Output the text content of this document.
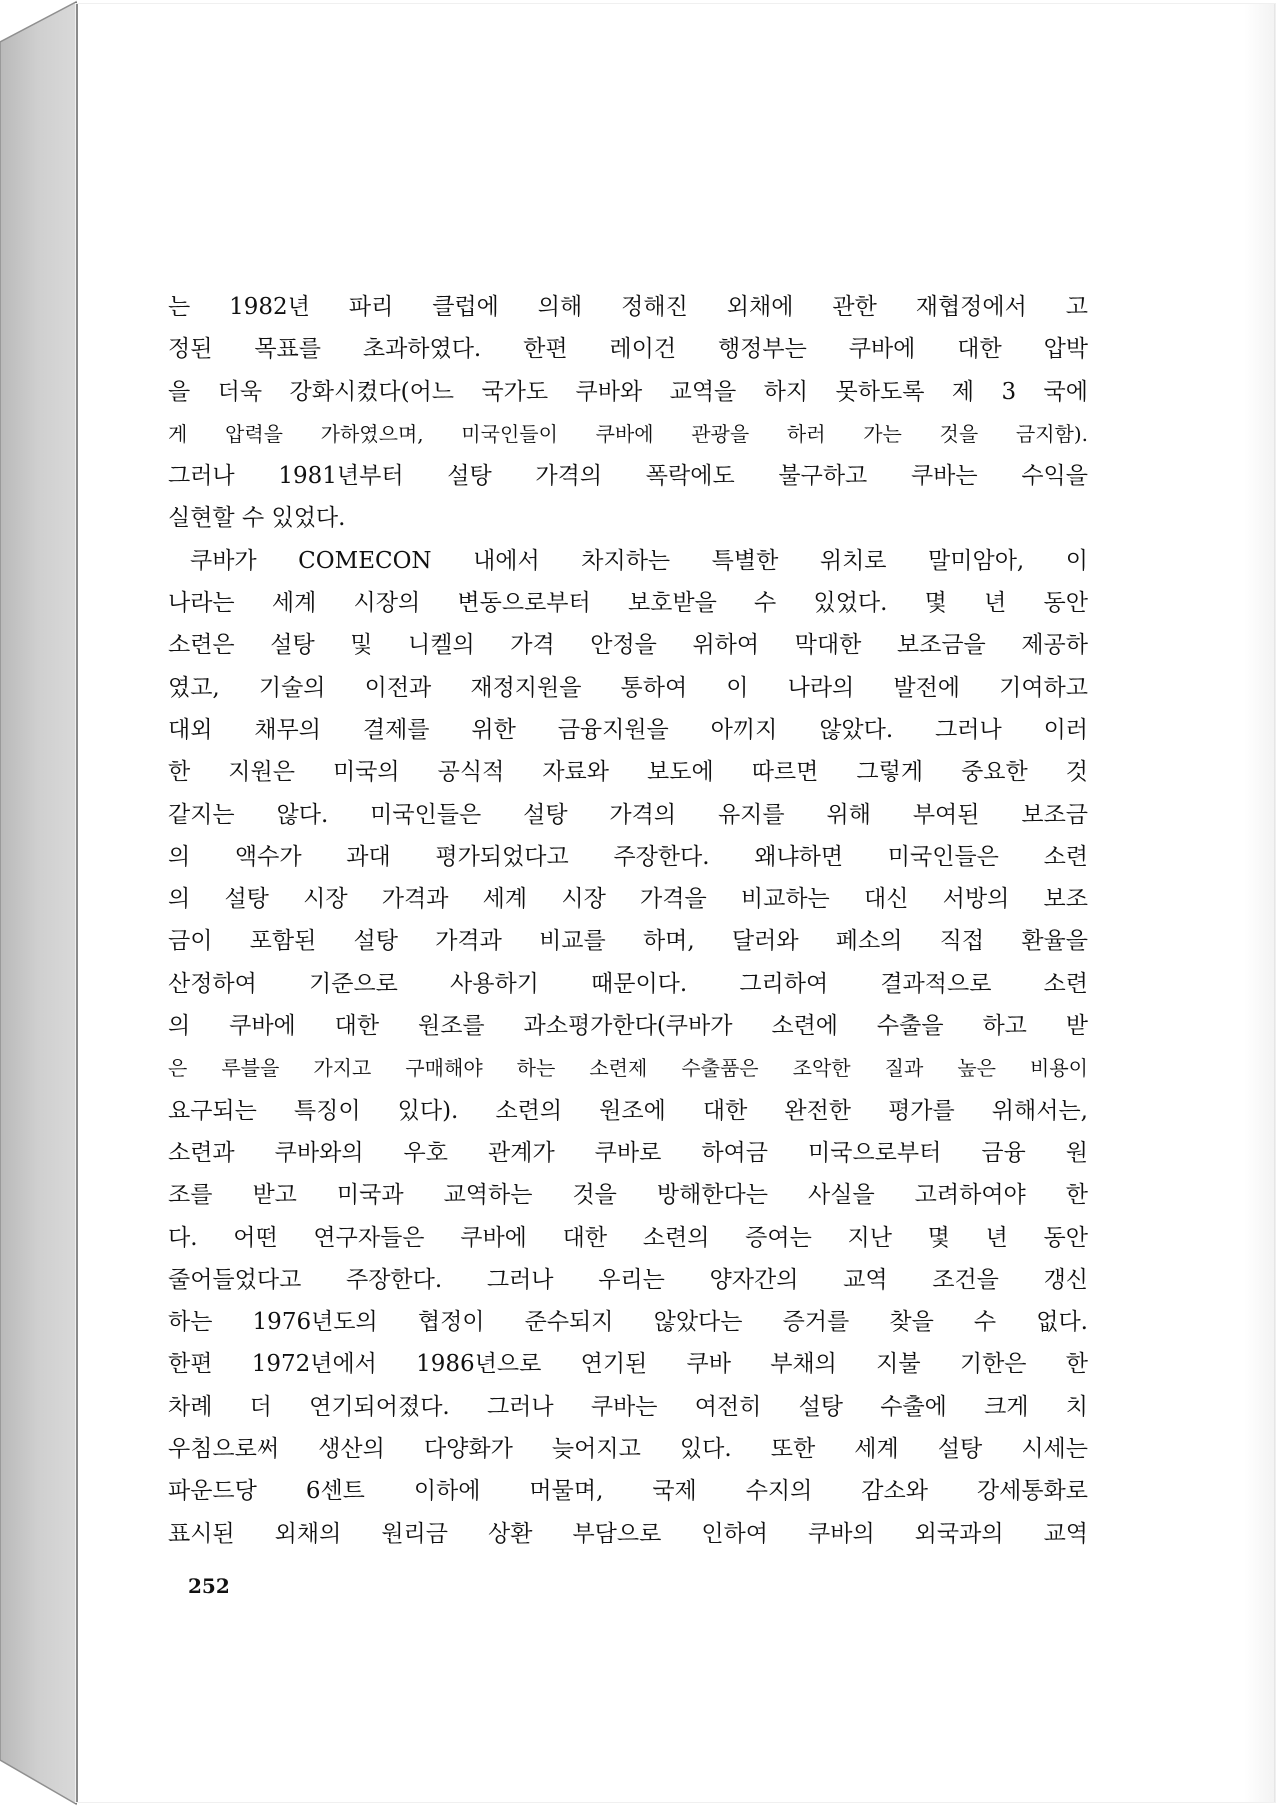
는 1982년 파리 클럽에 의해 정해진 외채에 관한 재협정에서 고
정된 목표를 초과하였다. 한편 레이건 행정부는 쿠바에 대한 압박
을 더욱 강화시켰다(어느 국가도 쿠바와 교역을 하지 못하도록 제 3 국에
게 압력을 가하였으며, 미국인들이 쿠바에 관광을 하러 가는 것을 금지함).
그러나 1981년부터 설탕 가격의 폭락에도 불구하고 쿠바는 수익을
실현할 수 있었다.
쿠바가 COMECON 내에서 차지하는 특별한 위치로 말미암아, 이
나라는 세계 시장의 변동으로부터 보호받을 수 있었다. 몇 년 동안
소련은 설탕 및 니켈의 가격 안정을 위하여 막대한 보조금을 제공하
였고, 기술의 이전과 재정지원을 통하여 이 나라의 발전에 기여하고
대외 채무의 결제를 위한 금융지원을 아끼지 않았다. 그러나 이러
한 지원은 미국의 공식적 자료와 보도에 따르면 그렇게 중요한 것
같지는 않다. 미국인들은 설탕 가격의 유지를 위해 부여된 보조금
의 액수가 과대 평가되었다고 주장한다. 왜냐하면 미국인들은 소련
의 설탕 시장 가격과 세계 시장 가격을 비교하는 대신 서방의 보조
금이 포함된 설탕 가격과 비교를 하며, 달러와 페소의 직접 환율을
산정하여 기준으로 사용하기 때문이다. 그리하여 결과적으로 소련
의 쿠바에 대한 원조를 과소평가한다(쿠바가 소련에 수출을 하고 받
은 루블을 가지고 구매해야 하는 소련제 수출품은 조악한 질과 높은 비용이
요구되는 특징이 있다). 소련의 원조에 대한 완전한 평가를 위해서는,
소련과 쿠바와의 우호 관계가 쿠바로 하여금 미국으로부터 금융 원
조를 받고 미국과 교역하는 것을 방해한다는 사실을 고려하여야 한
다. 어떤 연구자들은 쿠바에 대한 소련의 증여는 지난 몇 년 동안
줄어들었다고 주장한다. 그러나 우리는 양자간의 교역 조건을 갱신
하는 1976년도의 협정이 준수되지 않았다는 증거를 찾을 수 없다.
한편 1972년에서 1986년으로 연기된 쿠바 부채의 지불 기한은 한
차례 더 연기되어졌다. 그러나 쿠바는 여전히 설탕 수출에 크게 치
우침으로써 생산의 다양화가 늦어지고 있다. 또한 세계 설탕 시세는
파운드당 6센트 이하에 머물며, 국제 수지의 감소와 강세통화로
표시된 외채의 원리금 상환 부담으로 인하여 쿠바의 외국과의 교역
252
